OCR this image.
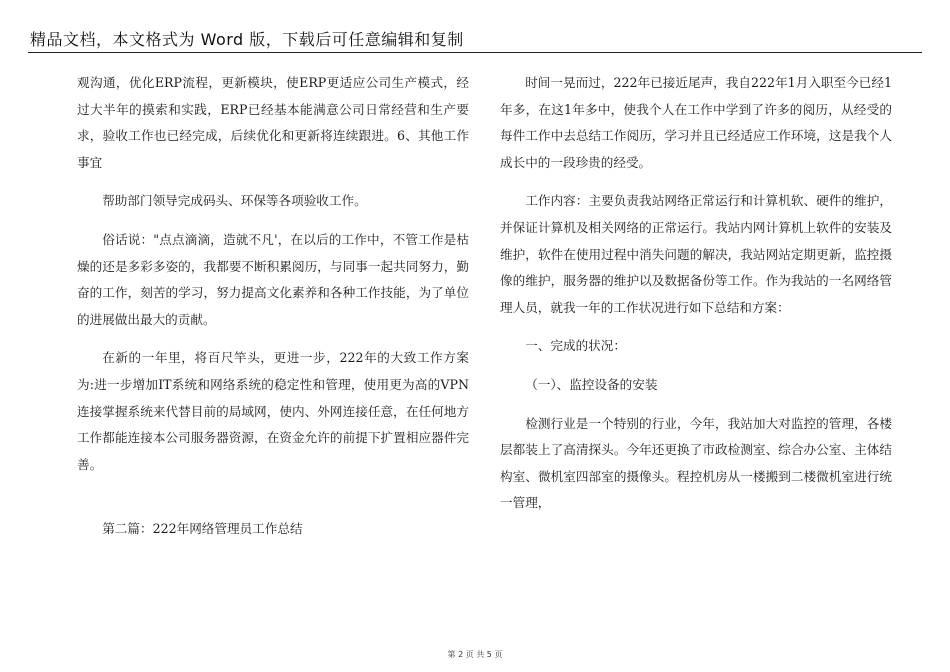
精品文档，本文格式为 Word 版，下载后可任意编辑和复制

观沟通，优化ERP流程，更新模块，使ERP更适应公司生产模式，经过大半年的摸索和实践，ERP已经基本能满意公司日常经营和生产要求，验收工作也已经完成，后续优化和更新将连续跟进。6、其他工作事宜

帮助部门领导完成码头、环保等各项验收工作。

俗话说："点点滴滴，造就不凡'，在以后的工作中，不管工作是枯燥的还是多彩多姿的，我都要不断积累阅历，与同事一起共同努力，勤奋的工作，刻苦的学习，努力提高文化素养和各种工作技能，为了单位的进展做出最大的贡献。

在新的一年里，将百尺竿头，更进一步，222年的大致工作方案为:进一步增加IT系统和网络系统的稳定性和管理，使用更为高的VPN连接掌握系统来代替目前的局域网，使内、外网连接任意，在任何地方工作都能连接本公司服务器资源，在资金允许的前提下扩置相应器件完善。

第二篇：222年网络管理员工作总结

时间一晃而过，222年已接近尾声，我自222年1月入职至今已经1年多，在这1年多中，使我个人在工作中学到了许多的阅历，从经受的每件工作中去总结工作阅历，学习并且已经适应工作环境，这是我个人成长中的一段珍贵的经受。

工作内容：主要负责我站网络正常运行和计算机软、硬件的维护，并保证计算机及相关网络的正常运行。我站内网计算机上软件的安装及维护，软件在使用过程中消失问题的解决，我站网站定期更新，监控摄像的维护，服务器的维护以及数据备份等工作。作为我站的一名网络管理人员，就我一年的工作状况进行如下总结和方案：

一、完成的状况：

（一）、监控设备的安装

检测行业是一个特别的行业，今年，我站加大对监控的管理，各楼层都装上了高清探头。今年还更换了市政检测室、综合办公室、主体结构室、微机室四部室的摄像头。程控机房从一楼搬到二楼微机室进行统一管理，

第 2 页 共 5 页
